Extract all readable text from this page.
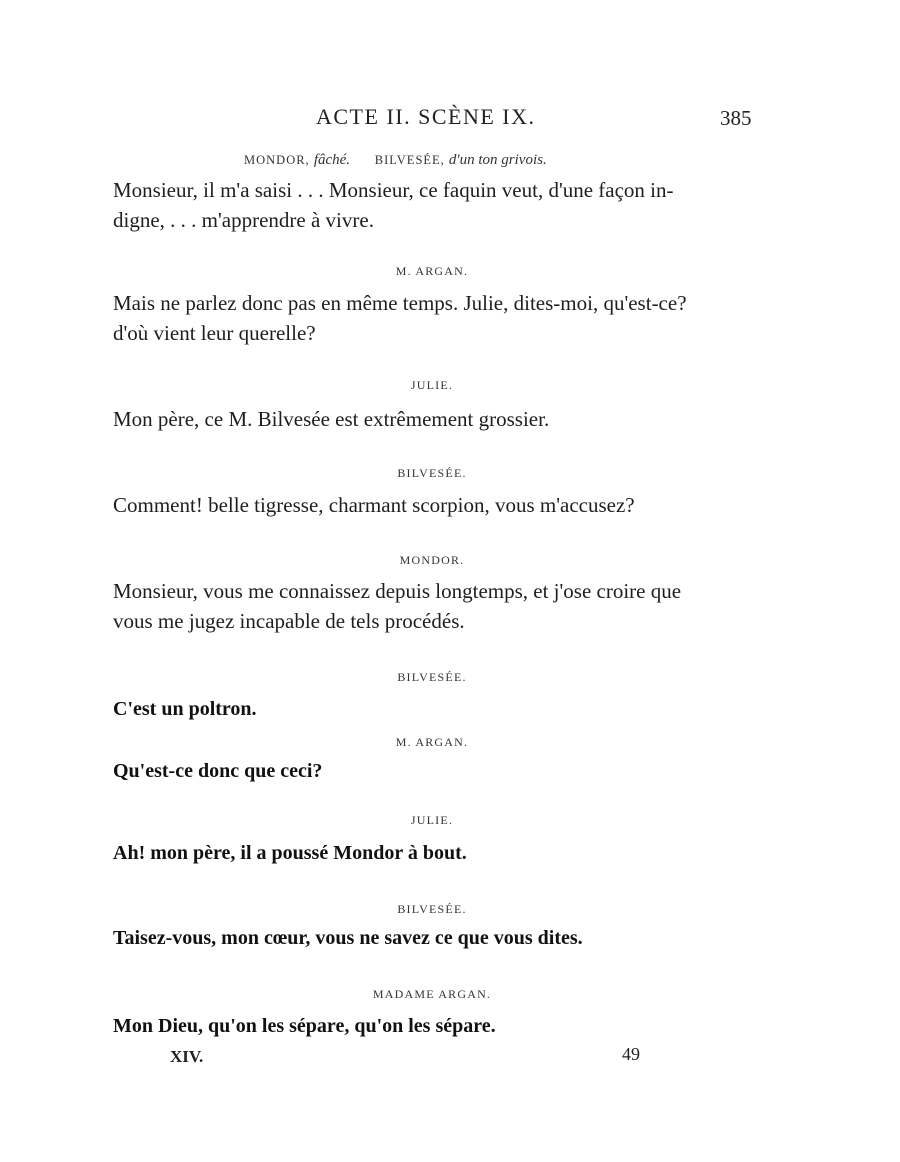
ACTE II. SCÈNE IX.	385
MONDOR, fâché. BILVESÉE, d'un ton grivois.
Monsieur, il m'a saisi . . . Monsieur, ce faquin veut, d'une façon in-
digne, . . . m'apprendre à vivre.
M. ARGAN.
Mais ne parlez donc pas en même temps. Julie, dites-moi, qu'est-ce?
d'où vient leur querelle?
JULIE.
Mon père, ce M. Bilvesée est extrêmement grossier.
BILVESÉE.
Comment! belle tigresse, charmant scorpion, vous m'accusez?
MONDOR.
Monsieur, vous me connaissez depuis longtemps, et j'ose croire que
vous me jugez incapable de tels procédés.
BILVESÉE.
C'est un poltron.
M. ARGAN.
Qu'est-ce donc que ceci?
JULIE.
Ah! mon père, il a poussé Mondor à bout.
BILVESÉE.
Taisez-vous, mon cœur, vous ne savez ce que vous dites.
MADAME ARGAN.
Mon Dieu, qu'on les sépare, qu'on les sépare.
XIV.	49
